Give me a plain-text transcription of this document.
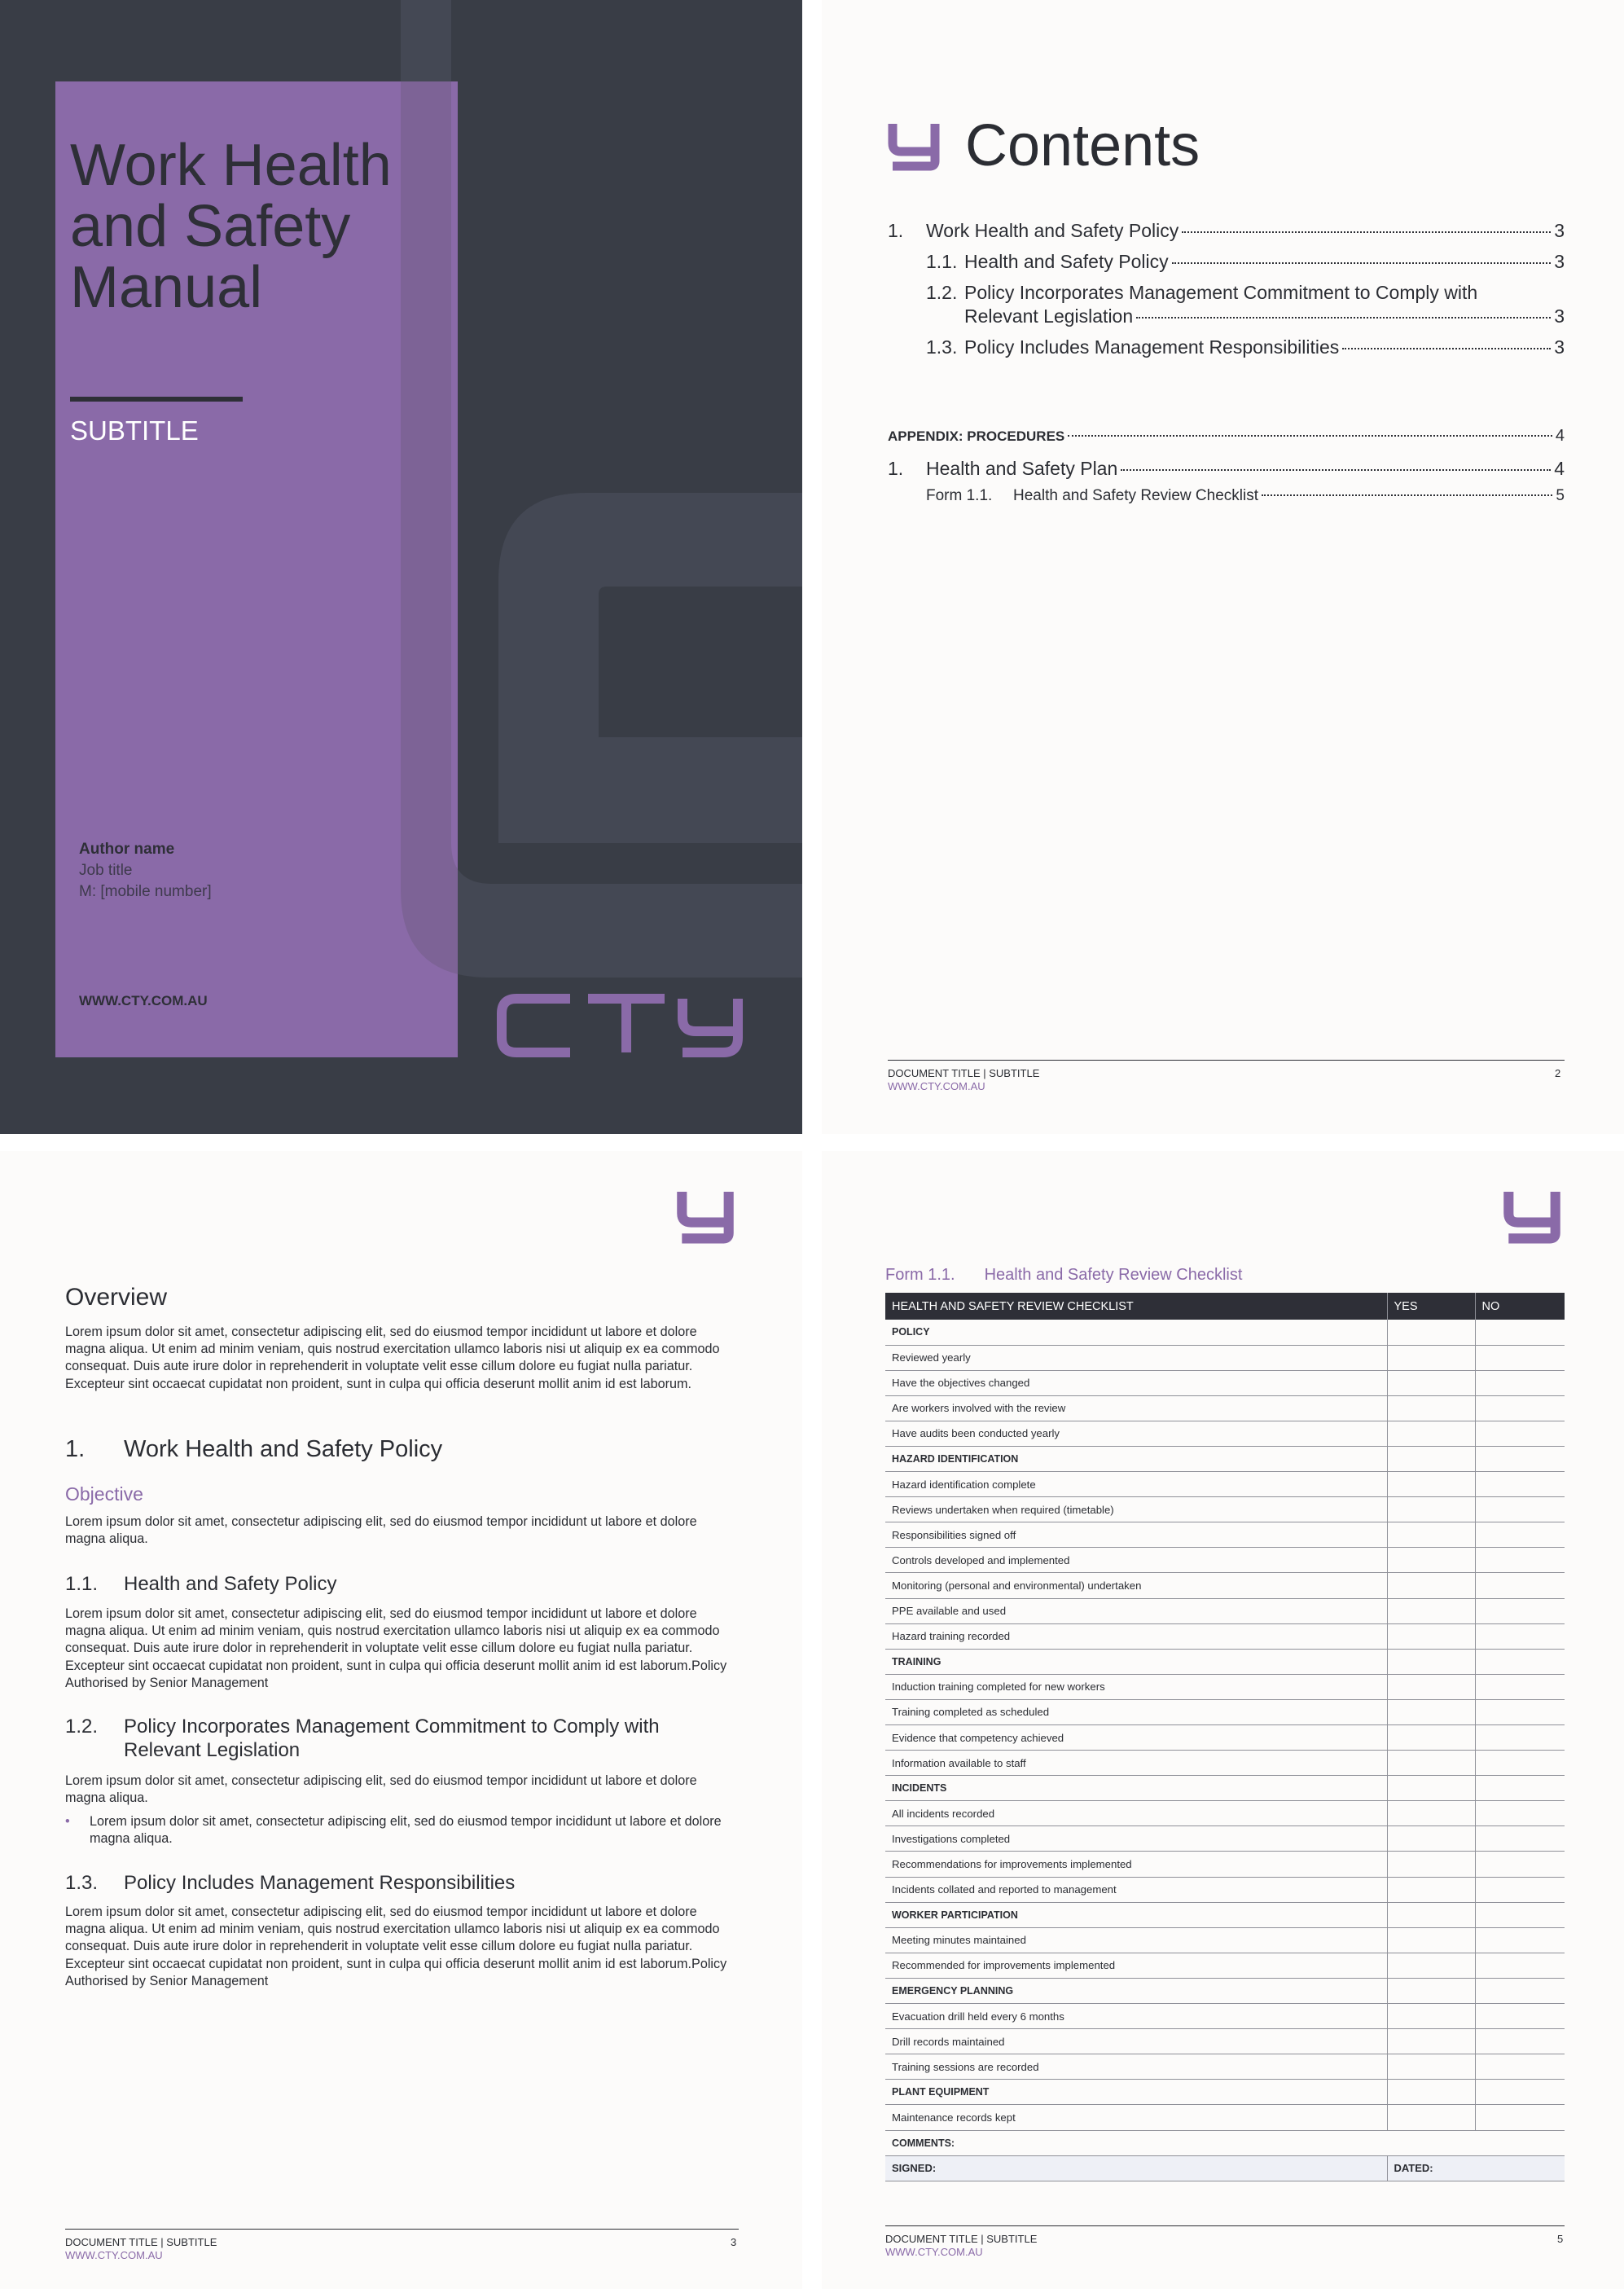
Work Health and Safety Manual
SUBTITLE
Author name
Job title
M: [mobile number]
WWW.CTY.COM.AU
Contents
1.	Work Health and Safety Policy	3
1.1. Health and Safety Policy	3
1.2. Policy Incorporates Management Commitment to Comply with
Relevant Legislation	3
1.3. Policy Includes Management Responsibilities	3
APPENDIX: PROCEDURES	4
1.	Health and Safety Plan	4
Form 1.1.	Health and Safety Review Checklist	5
DOCUMENT TITLE | SUBTITLE
WWW.CTY.COM.AU
2
Overview
Lorem ipsum dolor sit amet, consectetur adipiscing elit, sed do eiusmod tempor incididunt ut labore et dolore magna aliqua. Ut enim ad minim veniam, quis nostrud exercitation ullamco laboris nisi ut aliquip ex ea commodo consequat. Duis aute irure dolor in reprehenderit in voluptate velit esse cillum dolore eu fugiat nulla pariatur. Excepteur sint occaecat cupidatat non proident, sunt in culpa qui officia deserunt mollit anim id est laborum.
1. Work Health and Safety Policy
Objective
Lorem ipsum dolor sit amet, consectetur adipiscing elit, sed do eiusmod tempor incididunt ut labore et dolore magna aliqua.
1.1. Health and Safety Policy
Lorem ipsum dolor sit amet, consectetur adipiscing elit, sed do eiusmod tempor incididunt ut labore et dolore magna aliqua. Ut enim ad minim veniam, quis nostrud exercitation ullamco laboris nisi ut aliquip ex ea commodo consequat. Duis aute irure dolor in reprehenderit in voluptate velit esse cillum dolore eu fugiat nulla pariatur. Excepteur sint occaecat cupidatat non proident, sunt in culpa qui officia deserunt mollit anim id est laborum.Policy Authorised by Senior Management
1.2. Policy Incorporates Management Commitment to Comply with
Relevant Legislation
Lorem ipsum dolor sit amet, consectetur adipiscing elit, sed do eiusmod tempor incididunt ut labore et dolore magna aliqua.
• Lorem ipsum dolor sit amet, consectetur adipiscing elit, sed do eiusmod tempor incididunt ut labore et dolore magna aliqua.
1.3. Policy Includes Management Responsibilities
Lorem ipsum dolor sit amet, consectetur adipiscing elit, sed do eiusmod tempor incididunt ut labore et dolore magna aliqua. Ut enim ad minim veniam, quis nostrud exercitation ullamco laboris nisi ut aliquip ex ea commodo consequat. Duis aute irure dolor in reprehenderit in voluptate velit esse cillum dolore eu fugiat nulla pariatur. Excepteur sint occaecat cupidatat non proident, sunt in culpa qui officia deserunt mollit anim id est laborum.Policy Authorised by Senior Management
DOCUMENT TITLE | SUBTITLE
WWW.CTY.COM.AU
3
Form 1.1. Health and Safety Review Checklist
HEALTH AND SAFETY REVIEW CHECKLIST	YES	NO
POLICY		
Reviewed yearly		
Have the objectives changed		
Are workers involved with the review		
Have audits been conducted yearly		
HAZARD IDENTIFICATION		
Hazard identification complete		
Reviews undertaken when required (timetable)		
Responsibilities signed off		
Controls developed and implemented		
Monitoring (personal and environmental) undertaken		
PPE available and used		
Hazard training recorded		
TRAINING		
Induction training completed for new workers		
Training completed as scheduled		
Evidence that competency achieved		
Information available to staff		
INCIDENTS		
All incidents recorded		
Investigations completed		
Recommendations for improvements implemented		
Incidents collated and reported to management		
WORKER PARTICIPATION		
Meeting minutes maintained		
Recommended for improvements implemented		
EMERGENCY PLANNING		
Evacuation drill held every 6 months		
Drill records maintained		
Training sessions are recorded		
PLANT EQUIPMENT		
Maintenance records kept		
COMMENTS:		
SIGNED:	DATED:	
DOCUMENT TITLE | SUBTITLE
WWW.CTY.COM.AU
5
